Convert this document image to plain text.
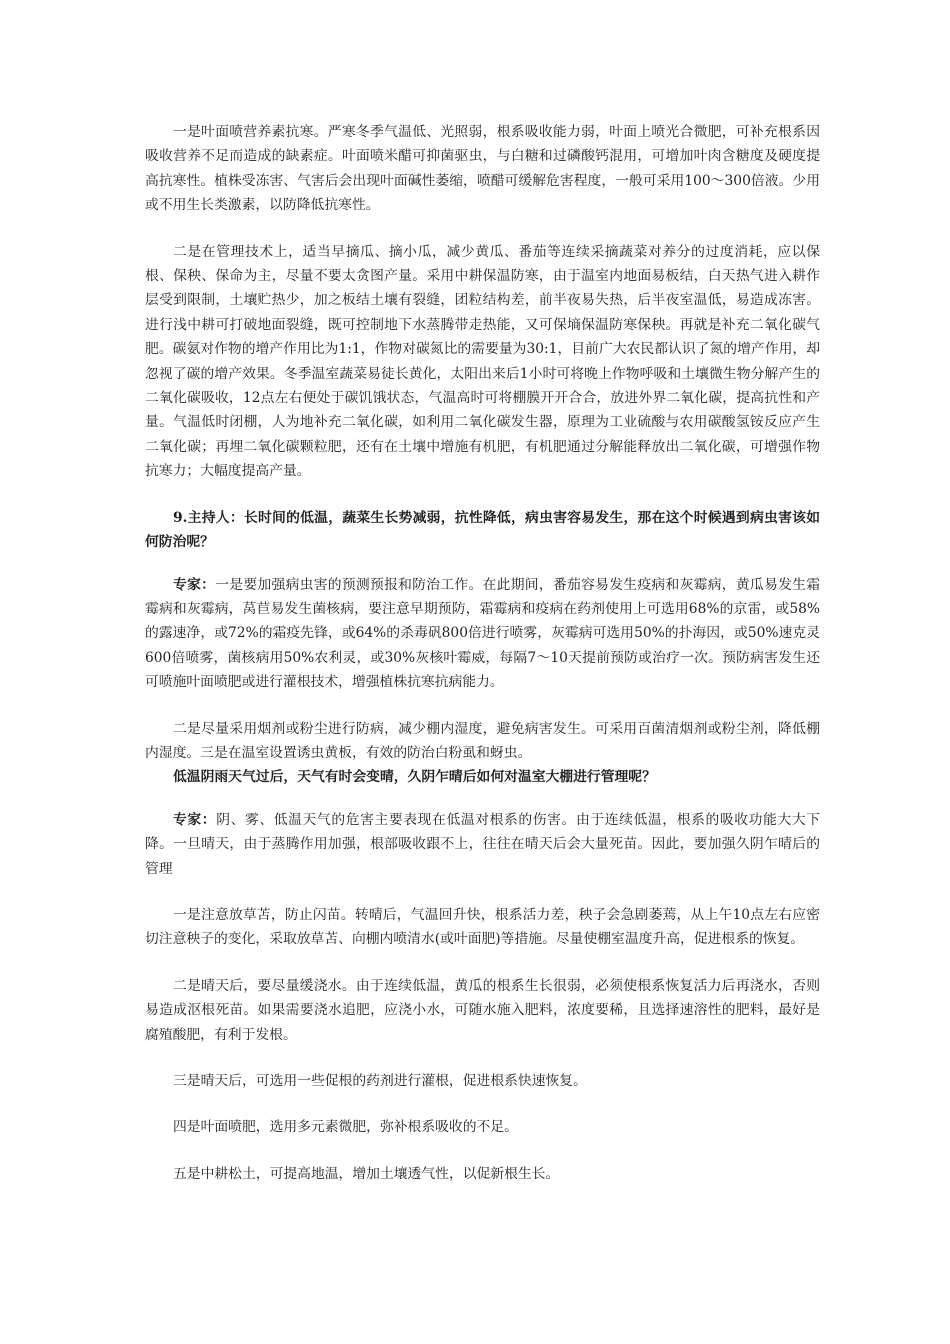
一是叶面喷营养素抗寒。严寒冬季气温低、光照弱，根系吸收能力弱，叶面上喷光合微肥，可补充根系因吸收营养不足而造成的缺素症。叶面喷米醋可抑菌驱虫，与白糖和过磷酸钙混用，可增加叶肉含糖度及硬度提高抗寒性。植株受冻害、气害后会出现叶面碱性萎缩，喷醋可缓解危害程度，一般可采用100～300倍液。少用或不用生长类激素，以防降低抗寒性。

二是在管理技术上，适当早摘瓜、摘小瓜，减少黄瓜、番茄等连续采摘蔬菜对养分的过度消耗，应以保根、保秧、保命为主，尽量不要太贪图产量。采用中耕保温防寒，由于温室内地面易板结，白天热气进入耕作层受到限制，土壤贮热少，加之板结土壤有裂缝，团粒结构差，前半夜易失热，后半夜室温低，易造成冻害。进行浅中耕可打破地面裂缝，既可控制地下水蒸腾带走热能，又可保墒保温防寒保秧。再就是补充二氧化碳气肥。碳氨对作物的增产作用比为1:1，作物对碳氮比的需要量为30:1，目前广大农民都认识了氮的增产作用，却忽视了碳的增产效果。冬季温室蔬菜易徒长黄化，太阳出来后1小时可将晚上作物呼吸和土壤微生物分解产生的二氧化碳吸收，12点左右便处于碳饥饿状态，气温高时可将棚膜开开合合，放进外界二氧化碳，提高抗性和产量。气温低时闭棚，人为地补充二氧化碳，如利用二氧化碳发生器，原理为工业硫酸与农用碳酸氢铵反应产生二氧化碳；再埋二氧化碳颗粒肥，还有在土壤中增施有机肥，有机肥通过分解能释放出二氧化碳，可增强作物抗寒力；大幅度提高产量。

9.主持人：长时间的低温，蔬菜生长势减弱，抗性降低，病虫害容易发生，那在这个时候遇到病虫害该如何防治呢？

专家：一是要加强病虫害的预测预报和防治工作。在此期间，番茄容易发生疫病和灰霉病，黄瓜易发生霜霉病和灰霉病，莴苣易发生菌核病，要注意早期预防，霜霉病和疫病在药剂使用上可选用68%的京雷，或58%的露速净，或72%的霜疫先锋，或64%的杀毒矾800倍进行喷雾，灰霉病可选用50%的扑海因，或50%速克灵600倍喷雾，菌核病用50%农利灵，或30%灰核叶霉威，每隔7～10天提前预防或治疗一次。预防病害发生还可喷施叶面喷肥或进行灌根技术，增强植株抗寒抗病能力。

二是尽量采用烟剂或粉尘进行防病，减少棚内湿度，避免病害发生。可采用百菌清烟剂或粉尘剂，降低棚内湿度。三是在温室设置诱虫黄板，有效的防治白粉虱和蚜虫。

低温阴雨天气过后，天气有时会变晴，久阴乍晴后如何对温室大棚进行管理呢？

专家：阴、雾、低温天气的危害主要表现在低温对根系的伤害。由于连续低温，根系的吸收功能大大下降。一旦晴天，由于蒸腾作用加强，根部吸收跟不上，往往在晴天后会大量死苗。因此，要加强久阴乍晴后的管理

一是注意放草苫，防止闪苗。转晴后，气温回升快，根系活力差，秧子会急剧萎蔫，从上午10点左右应密切注意秧子的变化，采取放草苫、向棚内喷清水(或叶面肥)等措施。尽量使棚室温度升高，促进根系的恢复。

二是晴天后，要尽量缓浇水。由于连续低温，黄瓜的根系生长很弱，必须使根系恢复活力后再浇水，否则易造成沤根死苗。如果需要浇水追肥，应浇小水，可随水施入肥料，浓度要稀，且选择速溶性的肥料，最好是腐殖酸肥，有利于发根。

三是晴天后，可选用一些促根的药剂进行灌根，促进根系快速恢复。

四是叶面喷肥，选用多元素微肥，弥补根系吸收的不足。

五是中耕松土，可提高地温，增加土壤透气性，以促新根生长。
